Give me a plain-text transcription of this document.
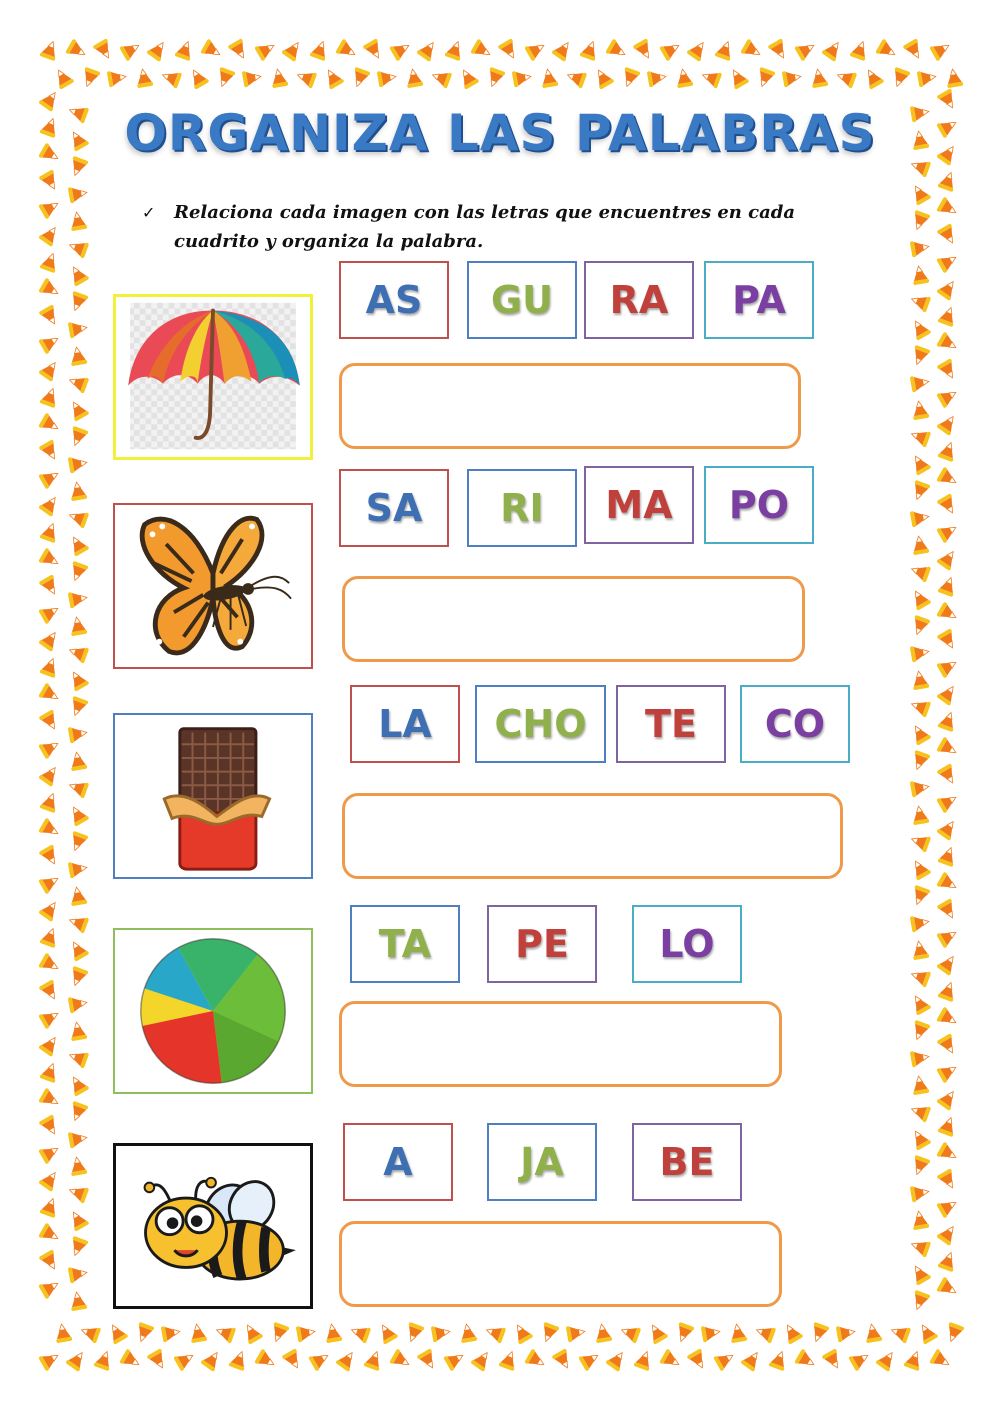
ORGANIZA LAS PALABRAS
✓ Relaciona cada imagen con las letras que encuentres en cada cuadrito y organiza la palabra.
AS	GU	RA	PA
SA	RI	MA	PO
LA	CHO	TE	CO
TA	PE	LO
A	JA	BE
